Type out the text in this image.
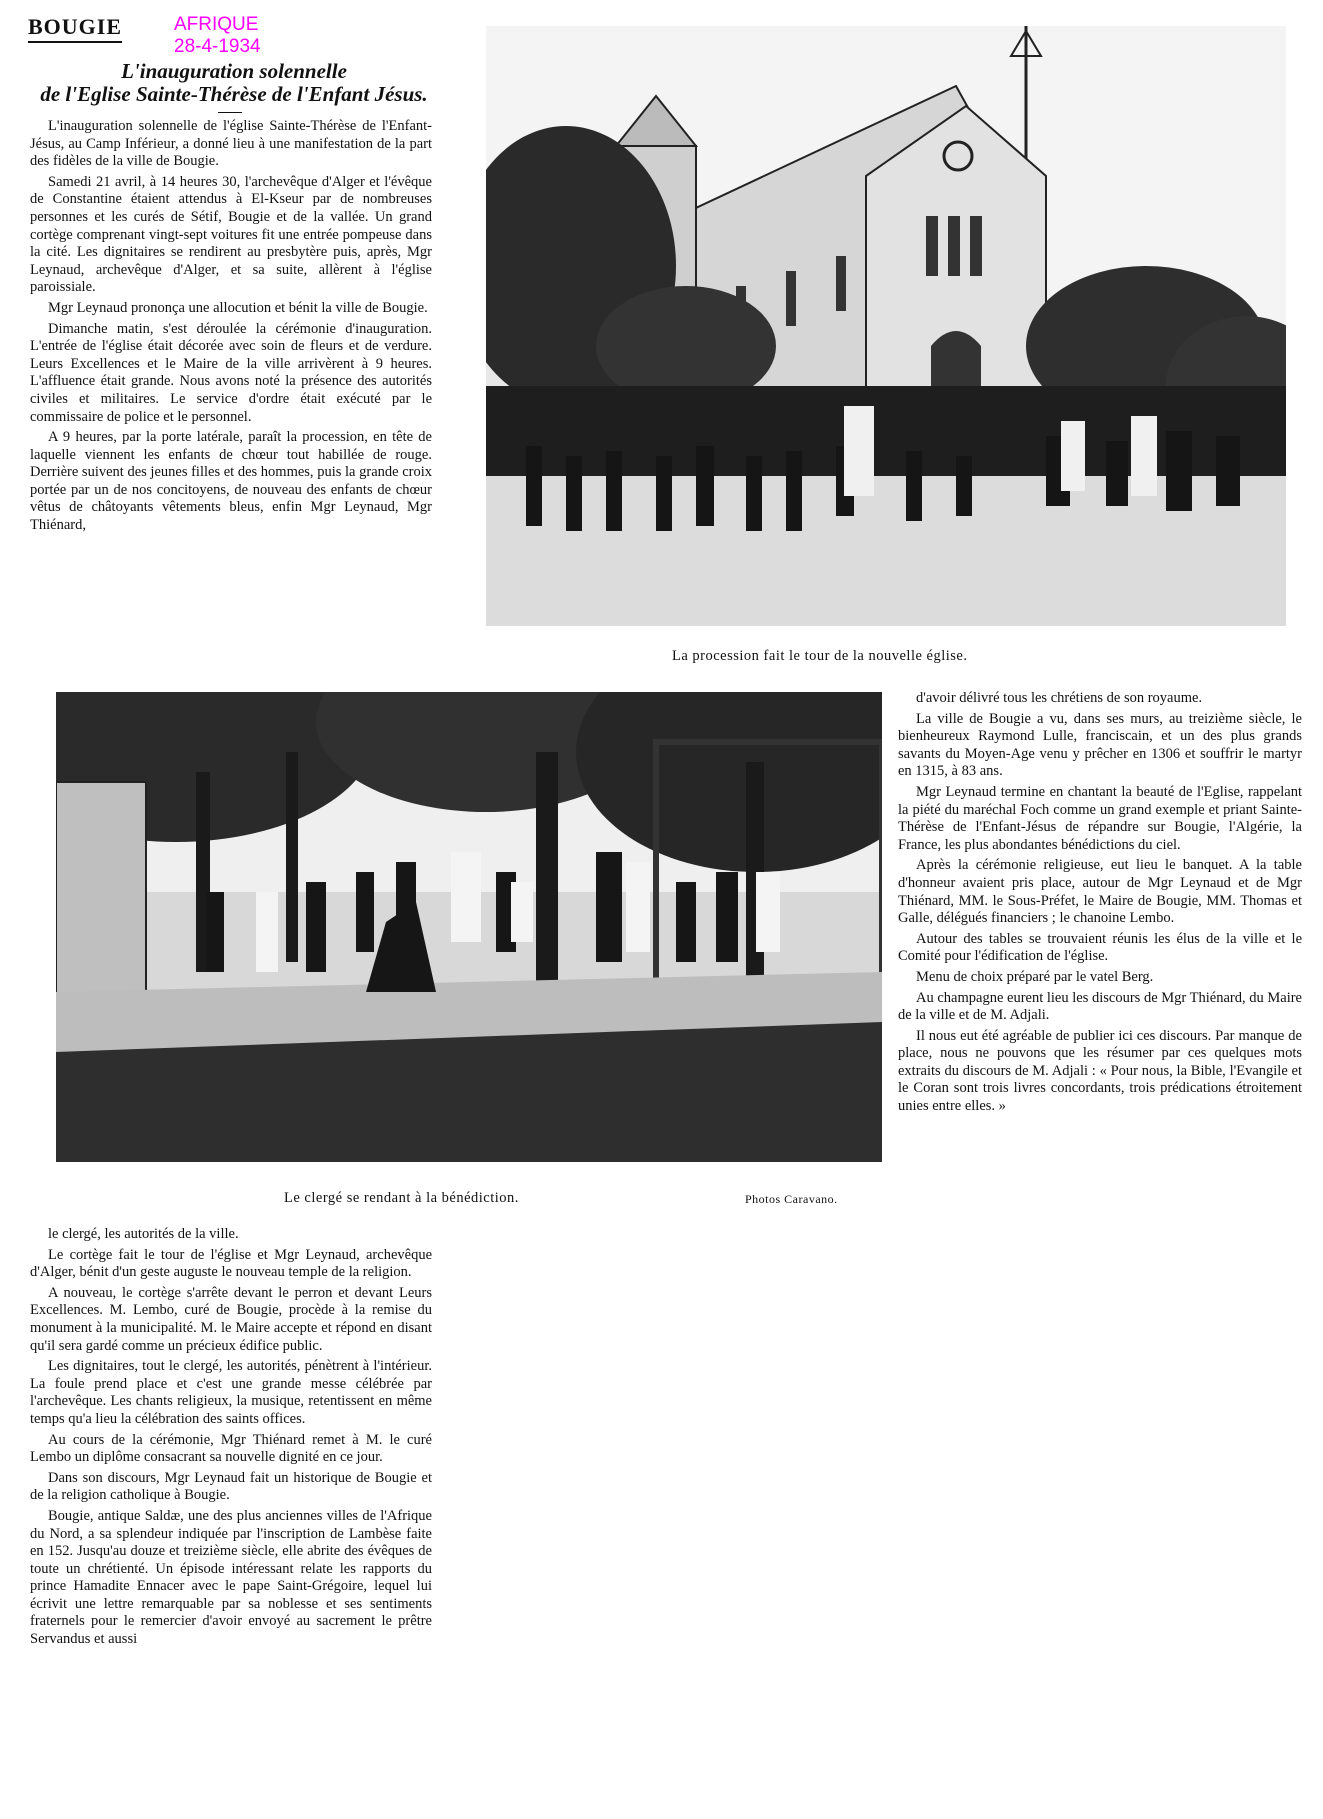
BOUGIE	AFRIQUE
28-4-1934
L'inauguration solennelle
de l'Eglise Sainte-Thérèse de l'Enfant Jésus.

L'inauguration solennelle de l'église Sainte-Thérèse de l'Enfant-Jésus, au Camp Inférieur, a donné lieu à une manifestation de la part des fidèles de la ville de Bougie.

Samedi 21 avril, à 14 heures 30, l'archevêque d'Alger et l'évêque de Constantine étaient attendus à El-Kseur par de nombreuses personnes et les curés de Sétif, Bougie et de la vallée. Un grand cortège comprenant vingt-sept voitures fit une entrée pompeuse dans la cité. Les dignitaires se rendirent au presbytère puis, après, Mgr Leynaud, archevêque d'Alger, et sa suite, allèrent à l'église paroissiale.

Mgr Leynaud prononça une allocution et bénit la ville de Bougie.

Dimanche matin, s'est déroulée la cérémonie d'inauguration. L'entrée de l'église était décorée avec soin de fleurs et de verdure. Leurs Excellences et le Maire de la ville arrivèrent à 9 heures. L'affluence était grande. Nous avons noté la présence des autorités civiles et militaires. Le service d'ordre était exécuté par le commissaire de police et le personnel.

A 9 heures, par la porte latérale, paraît la procession, en tête de laquelle viennent les enfants de chœur tout habillée de rouge. Derrière suivent des jeunes filles et des hommes, puis la grande croix portée par un de nos concitoyens, de nouveau des enfants de chœur vêtus de châtoyants vêtements bleus, enfin Mgr Leynaud, Mgr Thiénard,

La procession fait le tour de la nouvelle église.
Le clergé se rendant à la bénédiction.	Photos Caravano.

d'avoir délivré tous les chrétiens de son royaume.

La ville de Bougie a vu, dans ses murs, au treizième siècle, le bienheureux Raymond Lulle, franciscain, et un des plus grands savants du Moyen-Age venu y prêcher en 1306 et souffrir le martyr en 1315, à 83 ans.

Mgr Leynaud termine en chantant la beauté de l'Eglise, rappelant la piété du maréchal Foch comme un grand exemple et priant Sainte-Thérèse de l'Enfant-Jésus de répandre sur Bougie, l'Algérie, la France, les plus abondantes bénédictions du ciel.

Après la cérémonie religieuse, eut lieu le banquet. A la table d'honneur avaient pris place, autour de Mgr Leynaud et de Mgr Thiénard, MM. le Sous-Préfet, le Maire de Bougie, MM. Thomas et Galle, délégués financiers ; le chanoine Lembo.

Autour des tables se trouvaient réunis les élus de la ville et le Comité pour l'édification de l'église.

Menu de choix préparé par le vatel Berg.

Au champagne eurent lieu les discours de Mgr Thiénard, du Maire de la ville et de M. Adjali.

Il nous eut été agréable de publier ici ces discours. Par manque de place, nous ne pouvons que les résumer par ces quelques mots extraits du discours de M. Adjali : « Pour nous, la Bible, l'Evangile et le Coran sont trois livres concordants, trois prédications étroitement unies entre elles. »

le clergé, les autorités de la ville.

Le cortège fait le tour de l'église et Mgr Leynaud, archevêque d'Alger, bénit d'un geste auguste le nouveau temple de la religion.

A nouveau, le cortège s'arrête devant le perron et devant Leurs Excellences. M. Lembo, curé de Bougie, procède à la remise du monument à la municipalité. M. le Maire accepte et répond en disant qu'il sera gardé comme un précieux édifice public.

Les dignitaires, tout le clergé, les autorités, pénètrent à l'intérieur. La foule prend place et c'est une grande messe célébrée par l'archevêque. Les chants religieux, la musique, retentissent en même temps qu'a lieu la célébration des saints offices.

Au cours de la cérémonie, Mgr Thiénard remet à M. le curé Lembo un diplôme consacrant sa nouvelle dignité en ce jour.

Dans son discours, Mgr Leynaud fait un historique de Bougie et de la religion catholique à Bougie.

Bougie, antique Saldæ, une des plus anciennes villes de l'Afrique du Nord, a sa splendeur indiquée par l'inscription de Lambèse faite en 152. Jusqu'au douze et treizième siècle, elle abrite des évêques de toute un chrétienté. Un épisode intéressant relate les rapports du prince Hamadite Ennacer avec le pape Saint-Grégoire, lequel lui écrivit une lettre remarquable par sa noblesse et ses sentiments fraternels pour le remercier d'avoir envoyé au sacrement le prêtre Servandus et aussi
